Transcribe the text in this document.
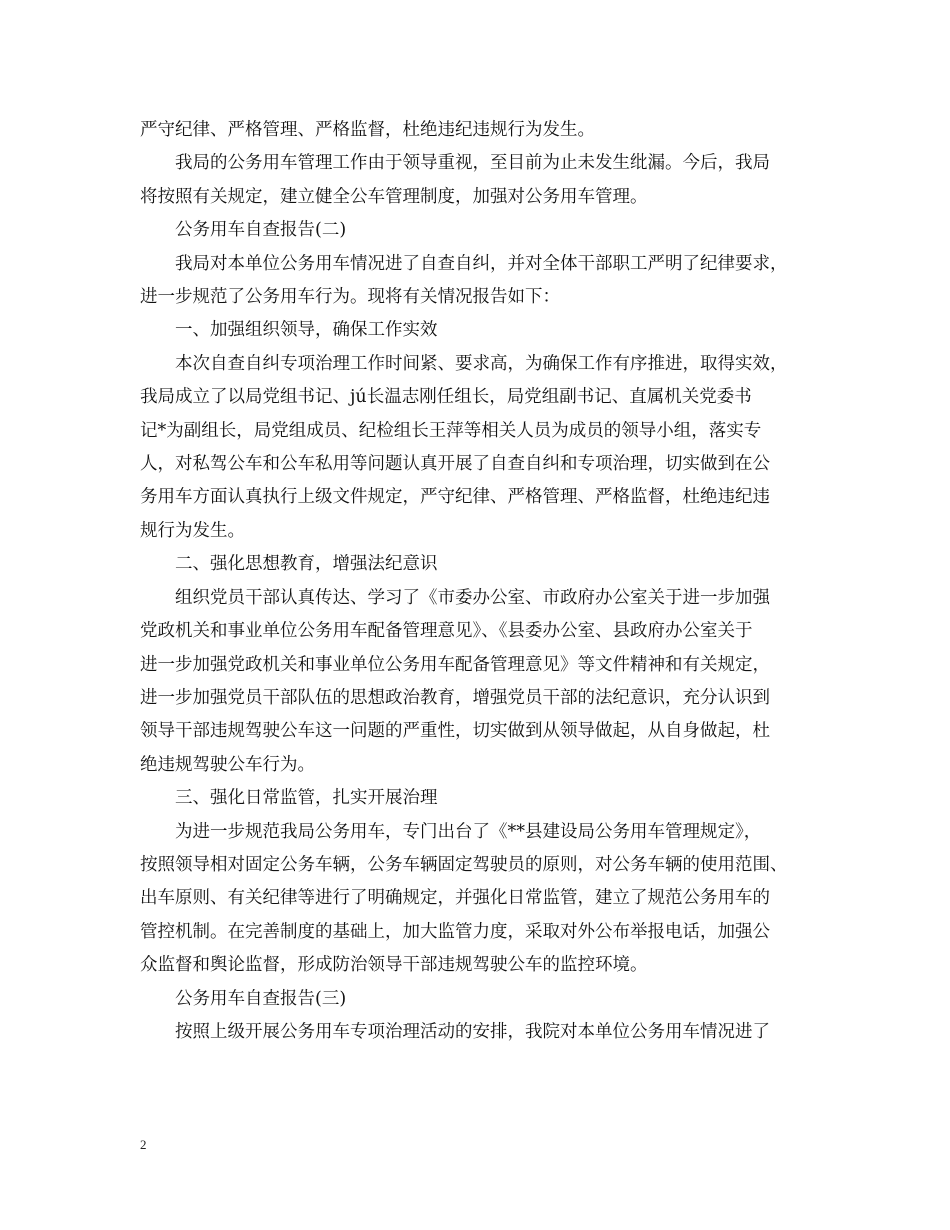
严守纪律、严格管理、严格监督，杜绝违纪违规行为发生。

我局的公务用车管理工作由于领导重视，至目前为止未发生纰漏。今后，我局

将按照有关规定，建立健全公车管理制度，加强对公务用车管理。

公务用车自查报告(二)

我局对本单位公务用车情况进了自查自纠，并对全体干部职工严明了纪律要求，

进一步规范了公务用车行为。现将有关情况报告如下：

一、加强组织领导，确保工作实效

本次自查自纠专项治理工作时间紧、要求高，为确保工作有序推进，取得实效，

我局成立了以局党组书记、jú长温志刚任组长，局党组副书记、直属机关党委书

记*为副组长，局党组成员、纪检组长王萍等相关人员为成员的领导小组，落实专

人，对私驾公车和公车私用等问题认真开展了自查自纠和专项治理，切实做到在公

务用车方面认真执行上级文件规定，严守纪律、严格管理、严格监督，杜绝违纪违

规行为发生。

二、强化思想教育，增强法纪意识

组织党员干部认真传达、学习了《市委办公室、市政府办公室关于进一步加强

党政机关和事业单位公务用车配备管理意见》、《县委办公室、县政府办公室关于

进一步加强党政机关和事业单位公务用车配备管理意见》等文件精神和有关规定，

进一步加强党员干部队伍的思想政治教育，增强党员干部的法纪意识，充分认识到

领导干部违规驾驶公车这一问题的严重性，切实做到从领导做起，从自身做起，杜

绝违规驾驶公车行为。

三、强化日常监管，扎实开展治理

为进一步规范我局公务用车，专门出台了《**县建设局公务用车管理规定》，

按照领导相对固定公务车辆，公务车辆固定驾驶员的原则，对公务车辆的使用范围、

出车原则、有关纪律等进行了明确规定，并强化日常监管，建立了规范公务用车的

管控机制。在完善制度的基础上，加大监管力度，采取对外公布举报电话，加强公

众监督和舆论监督，形成防治领导干部违规驾驶公车的监控环境。

公务用车自查报告(三)

按照上级开展公务用车专项治理活动的安排，我院对本单位公务用车情况进了

2
